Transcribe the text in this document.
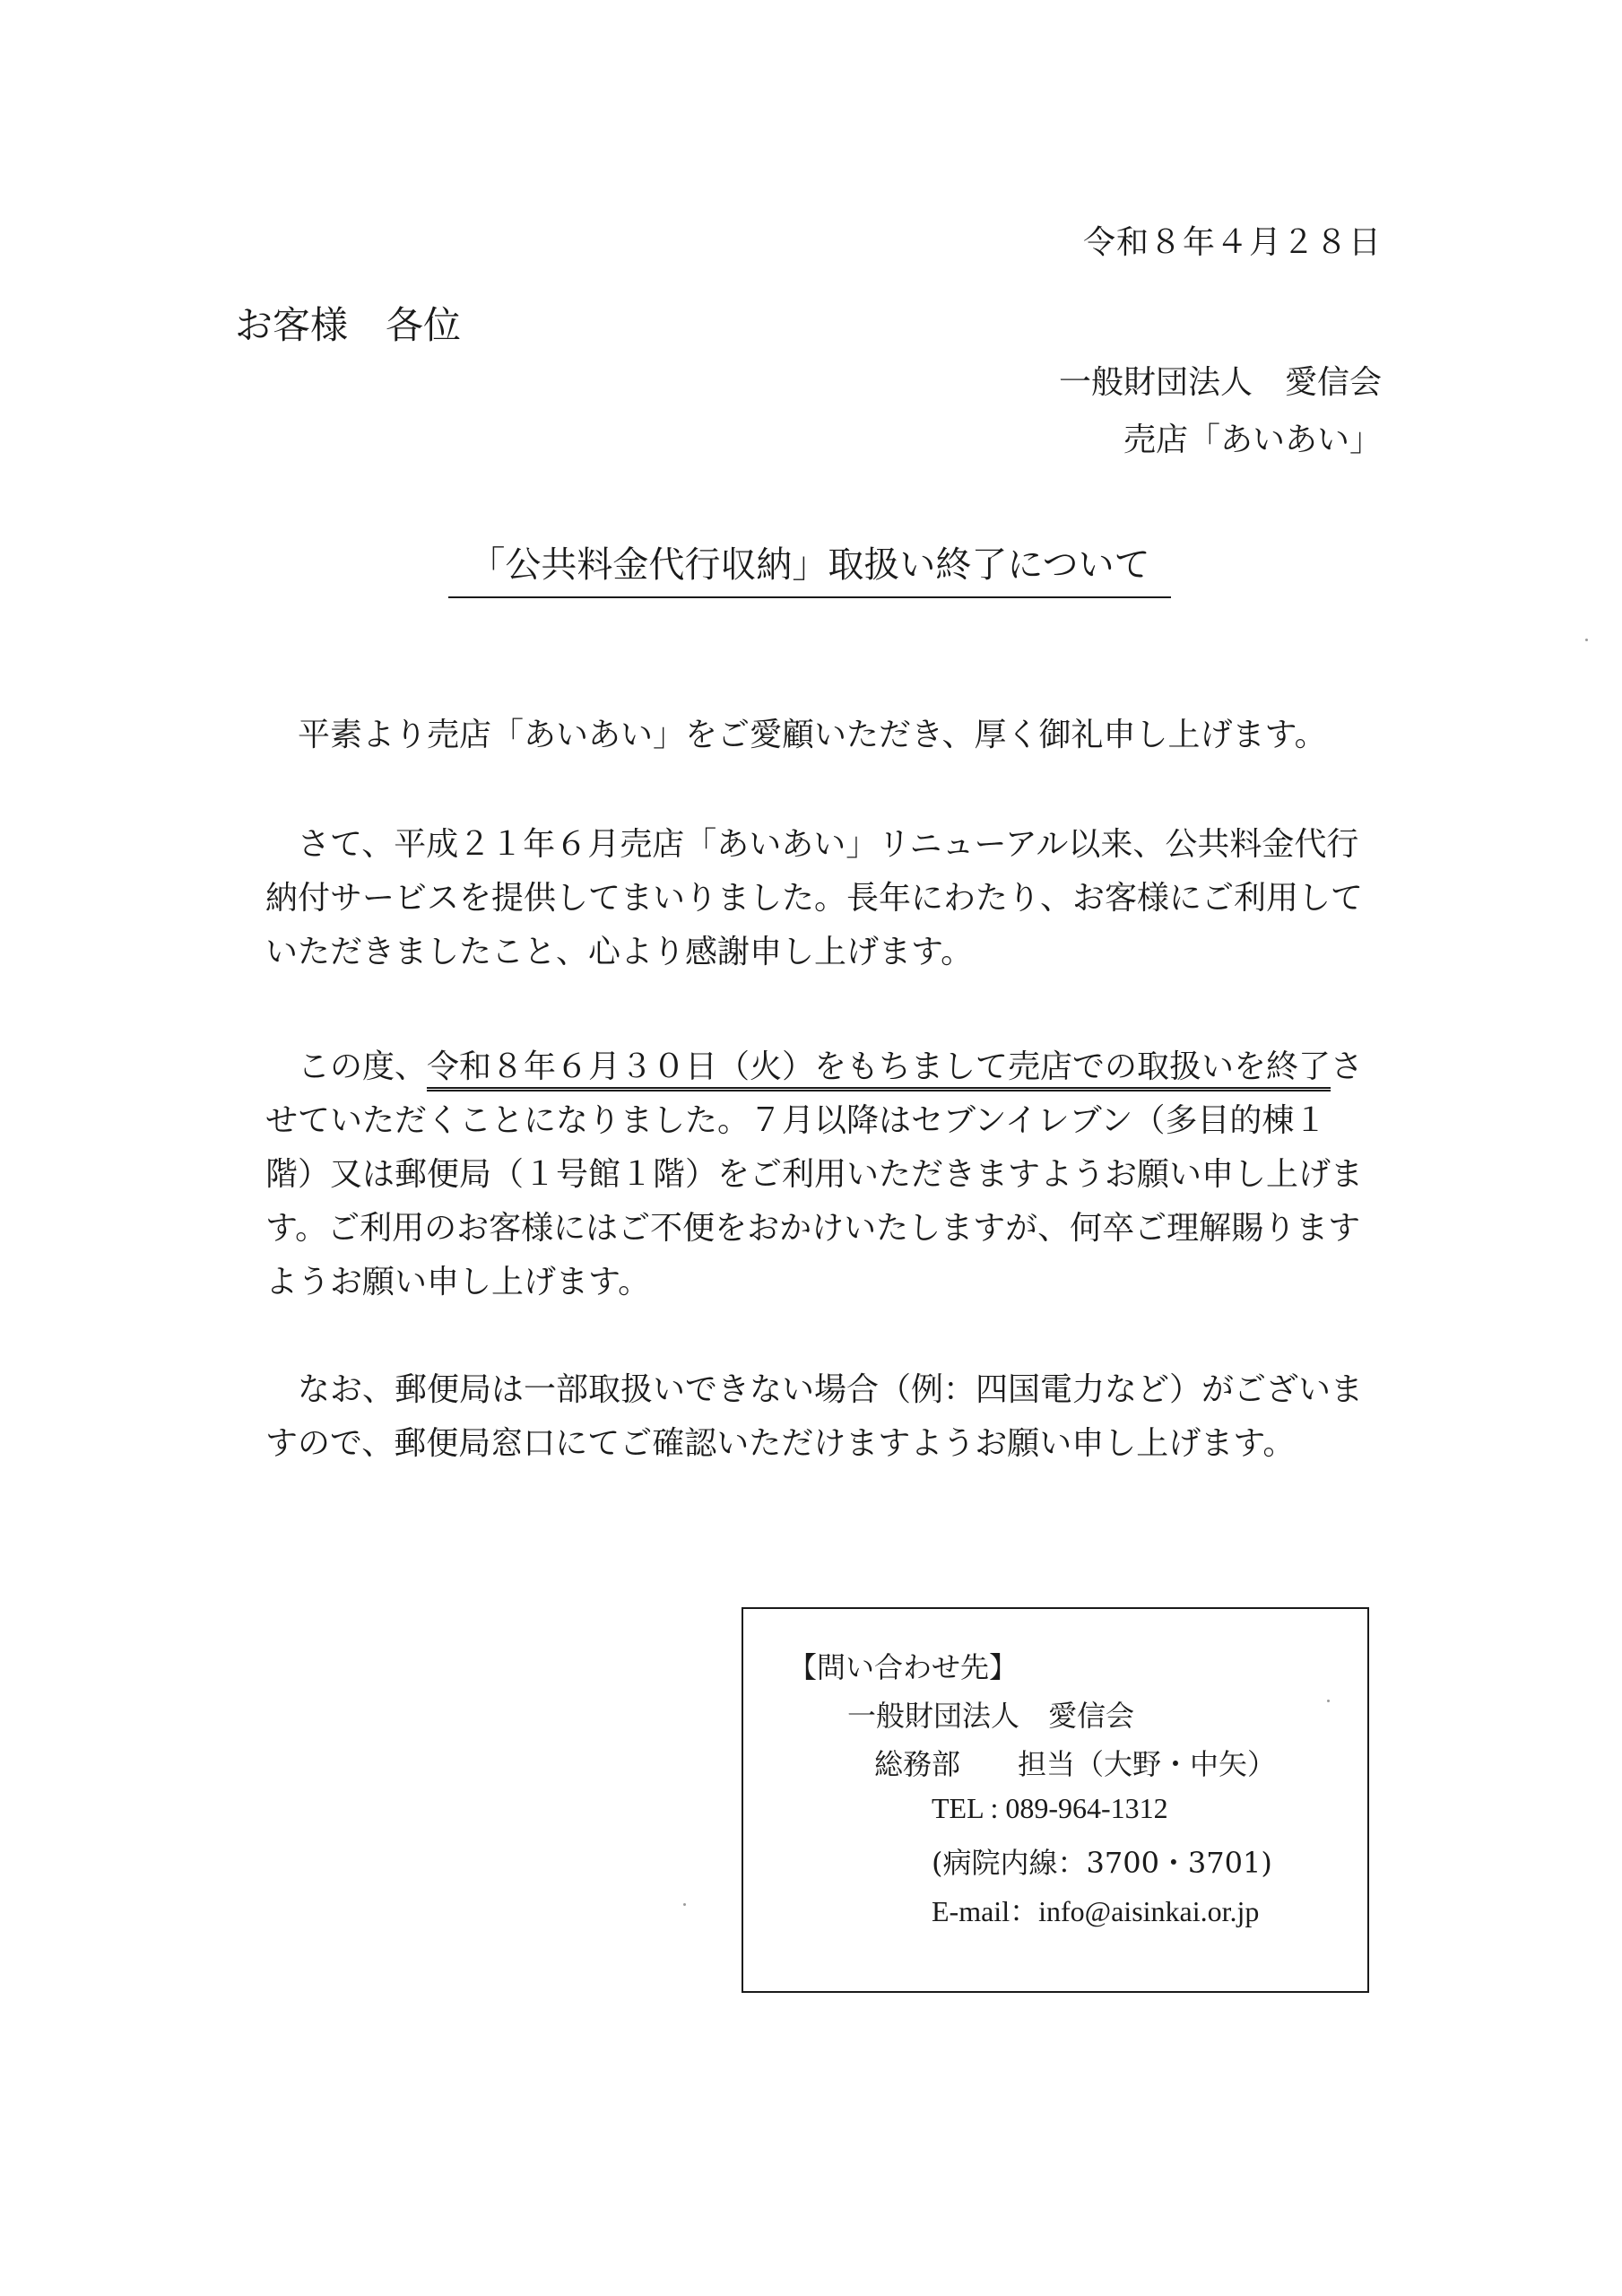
令和８年４月２８日
お客様　各位
一般財団法人　愛信会
売店「あいあい」
「公共料金代行収納」取扱い終了について
平素より売店「あいあい」をご愛顧いただき、厚く御礼申し上げます。
さて、平成２１年６月売店「あいあい」リニューアル以来、公共料金代行
納付サービスを提供してまいりました。長年にわたり、お客様にご利用して
いただきましたこと、心より感謝申し上げます。
この度、令和８年６月３０日（火）をもちまして売店での取扱いを終了さ
せていただくことになりました。７月以降はセブンイレブン（多目的棟１
階）又は郵便局（１号館１階）をご利用いただきますようお願い申し上げま
す。ご利用のお客様にはご不便をおかけいたしますが、何卒ご理解賜ります
ようお願い申し上げます。
なお、郵便局は一部取扱いできない場合（例：四国電力など）がございま
すので、郵便局窓口にてご確認いただけますようお願い申し上げます。
【問い合わせ先】
一般財団法人　愛信会
総務部　　担当（大野・中矢）
TEL : 089-964-1312
(病院内線：3700・3701)
E-mail：info@aisinkai.or.jp
